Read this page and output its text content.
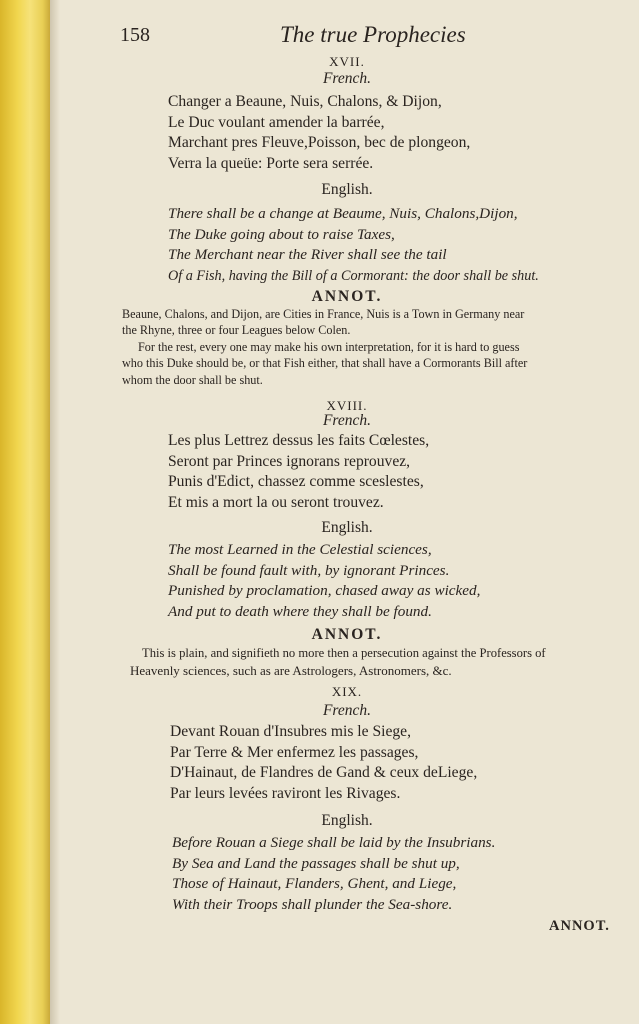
158	The true Prophecies
XVII.
French.
Changer a Beaune, Nuis, Chalons, & Dijon,
Le Duc voulant amender la barrée,
Marchant pres Fleuve,Poisson, bec de plongeon,
Verra la queüe: Porte sera serrée.
English.
There shall be a change at Beaume, Nuis, Chalons,Dijon,
The Duke going about to raise Taxes,
The Merchant near the River shall see the tail
Of a Fish, having the Bill of a Cormorant: the door shall be shut.
ANNOT.
Beaune, Chalons, and Dijon, are Cities in France, Nuis is a Town in Germany near
the Rhyne, three or four Leagues below Colen.
For the rest, every one may make his own interpretation, for it is hard to guess
who this Duke should be, or that Fish either, that shall have a Cormorants Bill after
whom the door shall be shut.
XVIII.
French.
Les plus Lettrez dessus les faits Cœlestes,
Seront par Princes ignorans reprouvez,
Punis d'Edict, chassez comme sceslestes,
Et mis a mort la ou seront trouvez.
English.
The most Learned in the Celestial sciences,
Shall be found fault with, by ignorant Princes.
Punished by proclamation, chased away as wicked,
And put to death where they shall be found.
ANNOT.
This is plain, and signifieth no more then a persecution against the Professors of
Heavenly sciences, such as are Astrologers, Astronomers, &c.
XIX.
French.
Devant Rouan d'Insubres mis le Siege,
Par Terre & Mer enfermez les passages,
D'Hainaut, de Flandres de Gand & ceux deLiege,
Par leurs levées raviront les Rivages.
English.
Before Rouan a Siege shall be laid by the Insubrians.
By Sea and Land the passages shall be shut up,
Those of Hainaut, Flanders, Ghent, and Liege,
With their Troops shall plunder the Sea-shore.
ANNOT.
